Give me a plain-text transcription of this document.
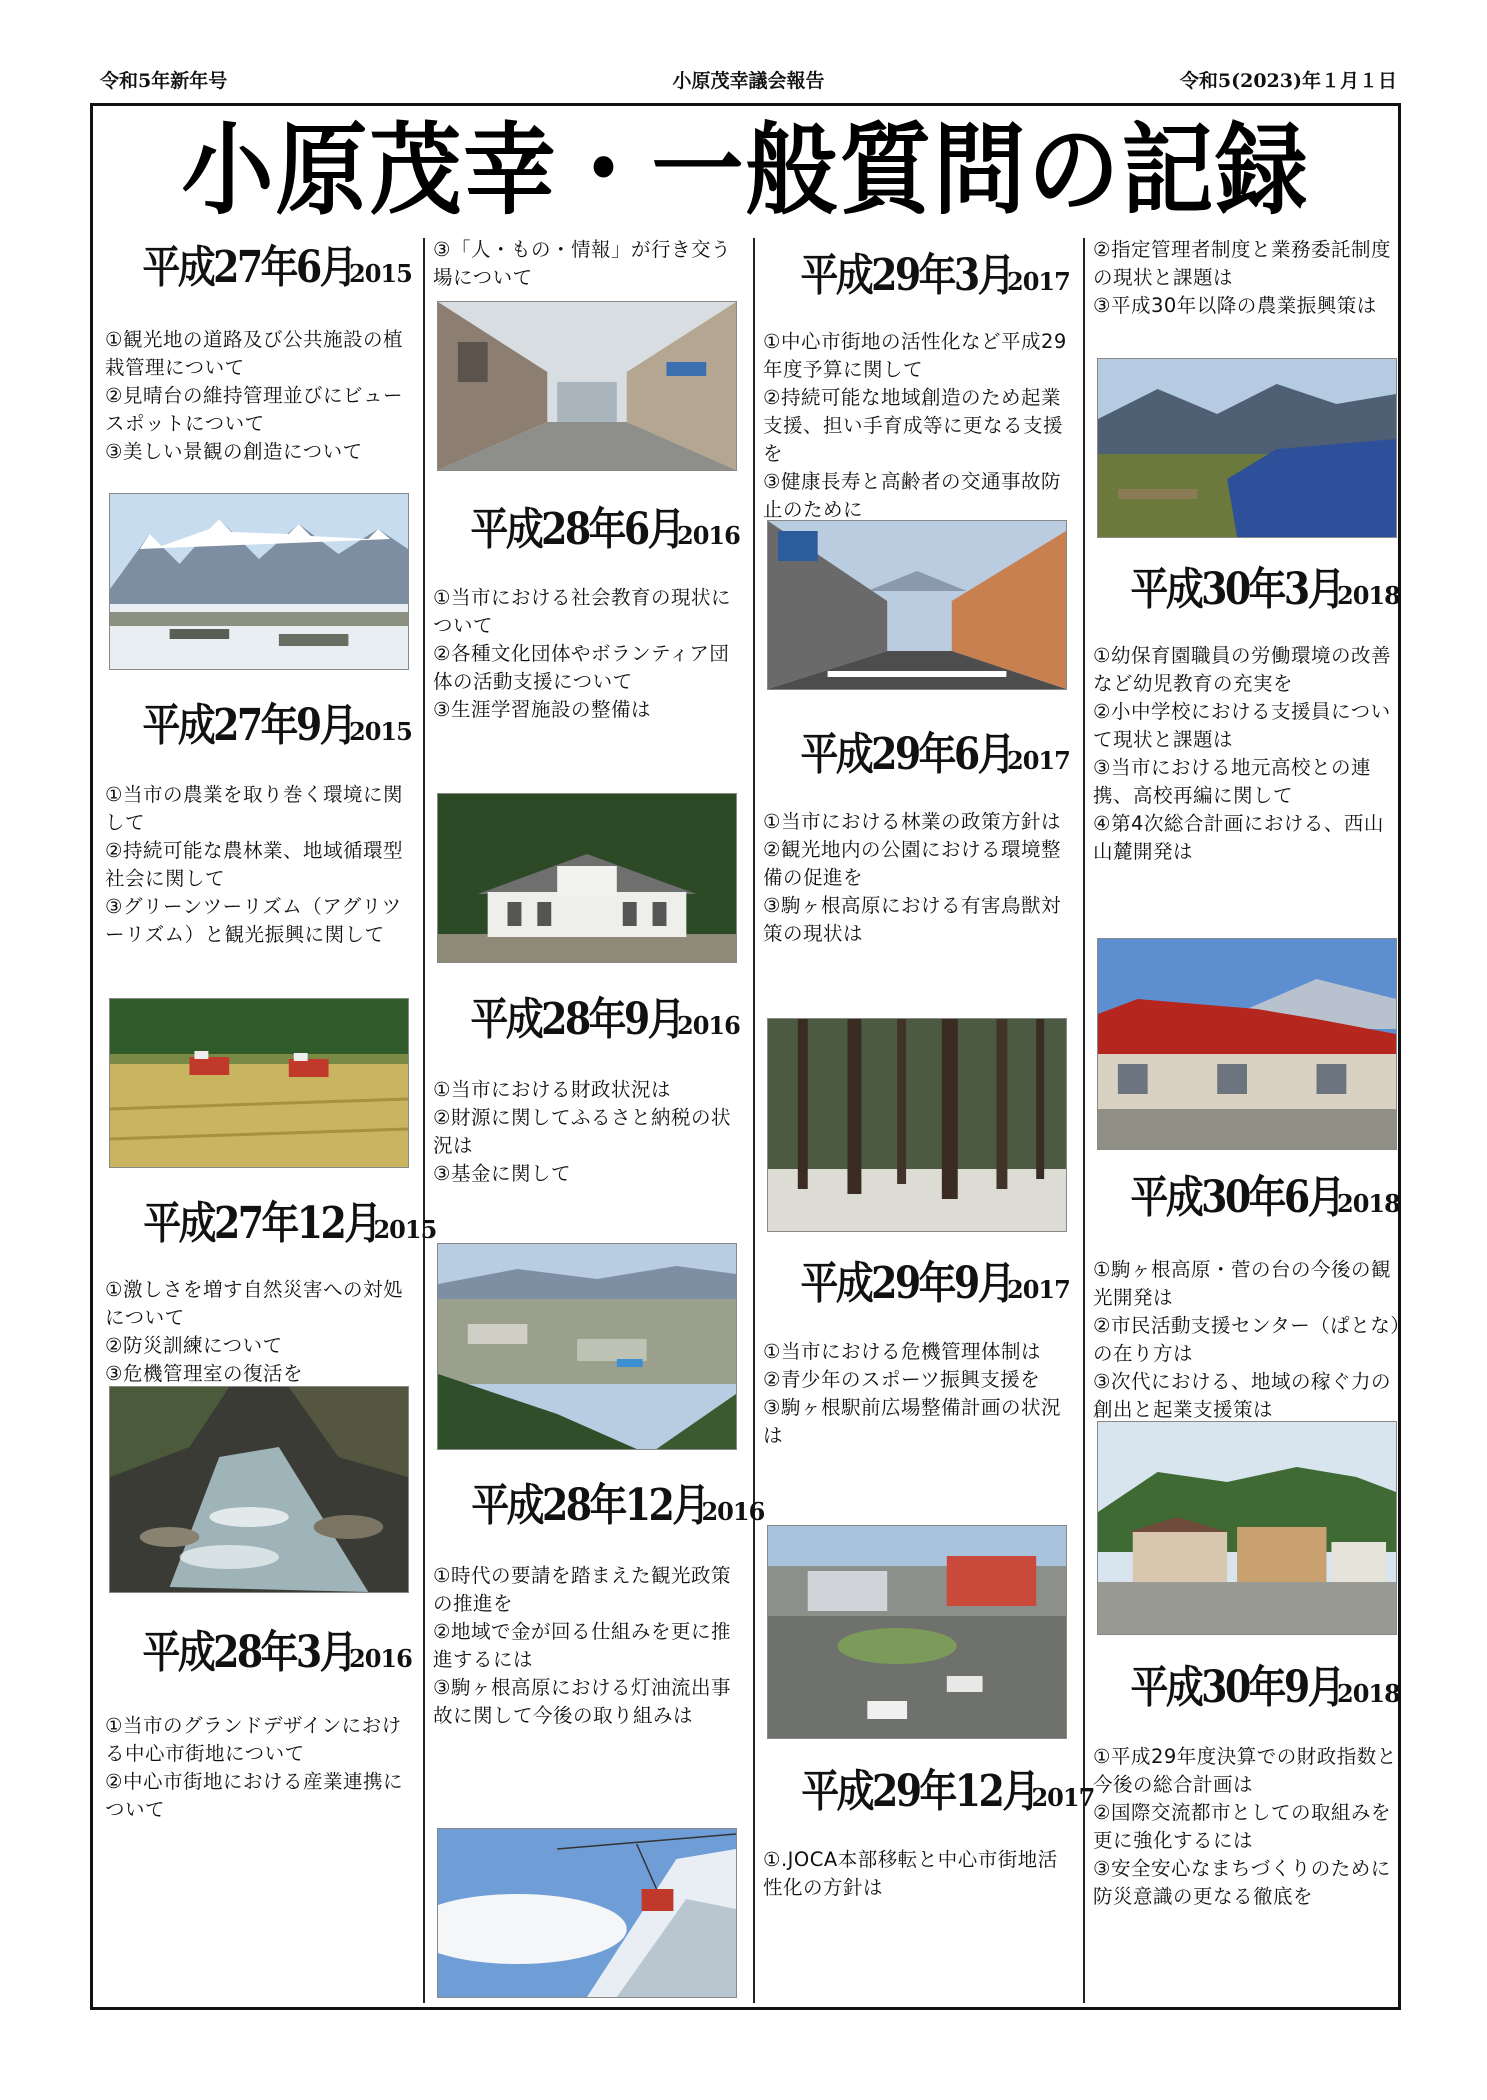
令和5年新年号	小原茂幸議会報告	令和5(2023)年１月１日
小原茂幸・一般質問の記録
平成27年6月2015
①観光地の道路及び公共施設の植栽管理について
②見晴台の維持管理並びにビュースポットについて
③美しい景観の創造について
平成27年9月2015
①当市の農業を取り巻く環境に関して
②持続可能な農林業、地域循環型社会に関して
③グリーンツーリズム（アグリツーリズム）と観光振興に関して
平成27年12月2015
①激しさを増す自然災害への対処について
②防災訓練について
③危機管理室の復活を
平成28年3月2016
①当市のグランドデザインにおける中心市街地について
②中心市街地における産業連携について
③「人・もの・情報」が行き交う場について
平成28年6月2016
①当市における社会教育の現状について
②各種文化団体やボランティア団体の活動支援について
③生涯学習施設の整備は
平成28年9月2016
①当市における財政状況は
②財源に関してふるさと納税の状況は
③基金に関して
平成28年12月2016
①時代の要請を踏まえた観光政策の推進を
②地域で金が回る仕組みを更に推進するには
③駒ヶ根高原における灯油流出事故に関して今後の取り組みは
平成29年3月2017
①中心市街地の活性化など平成29年度予算に関して
②持続可能な地域創造のため起業支援、担い手育成等に更なる支援を
③健康長寿と高齢者の交通事故防止のために
平成29年6月2017
①当市における林業の政策方針は
②観光地内の公園における環境整備の促進を
③駒ヶ根高原における有害鳥獣対策の現状は
平成29年9月2017
①当市における危機管理体制は
②青少年のスポーツ振興支援を
③駒ヶ根駅前広場整備計画の状況は
平成29年12月2017
①.JOCA本部移転と中心市街地活性化の方針は
②指定管理者制度と業務委託制度の現状と課題は
③平成30年以降の農業振興策は
平成30年3月2018
①幼保育園職員の労働環境の改善など幼児教育の充実を
②小中学校における支援員について現状と課題は
③当市における地元高校との連携、高校再編に関して
④第4次総合計画における、西山山麓開発は
平成30年6月2018
①駒ヶ根高原・菅の台の今後の観光開発は
②市民活動支援センター（ぱとな）の在り方は
③次代における、地域の稼ぐ力の創出と起業支援策は
平成30年9月2018
①平成29年度決算での財政指数と今後の総合計画は
②国際交流都市としての取組みを更に強化するには
③安全安心なまちづくりのために防災意識の更なる徹底を
